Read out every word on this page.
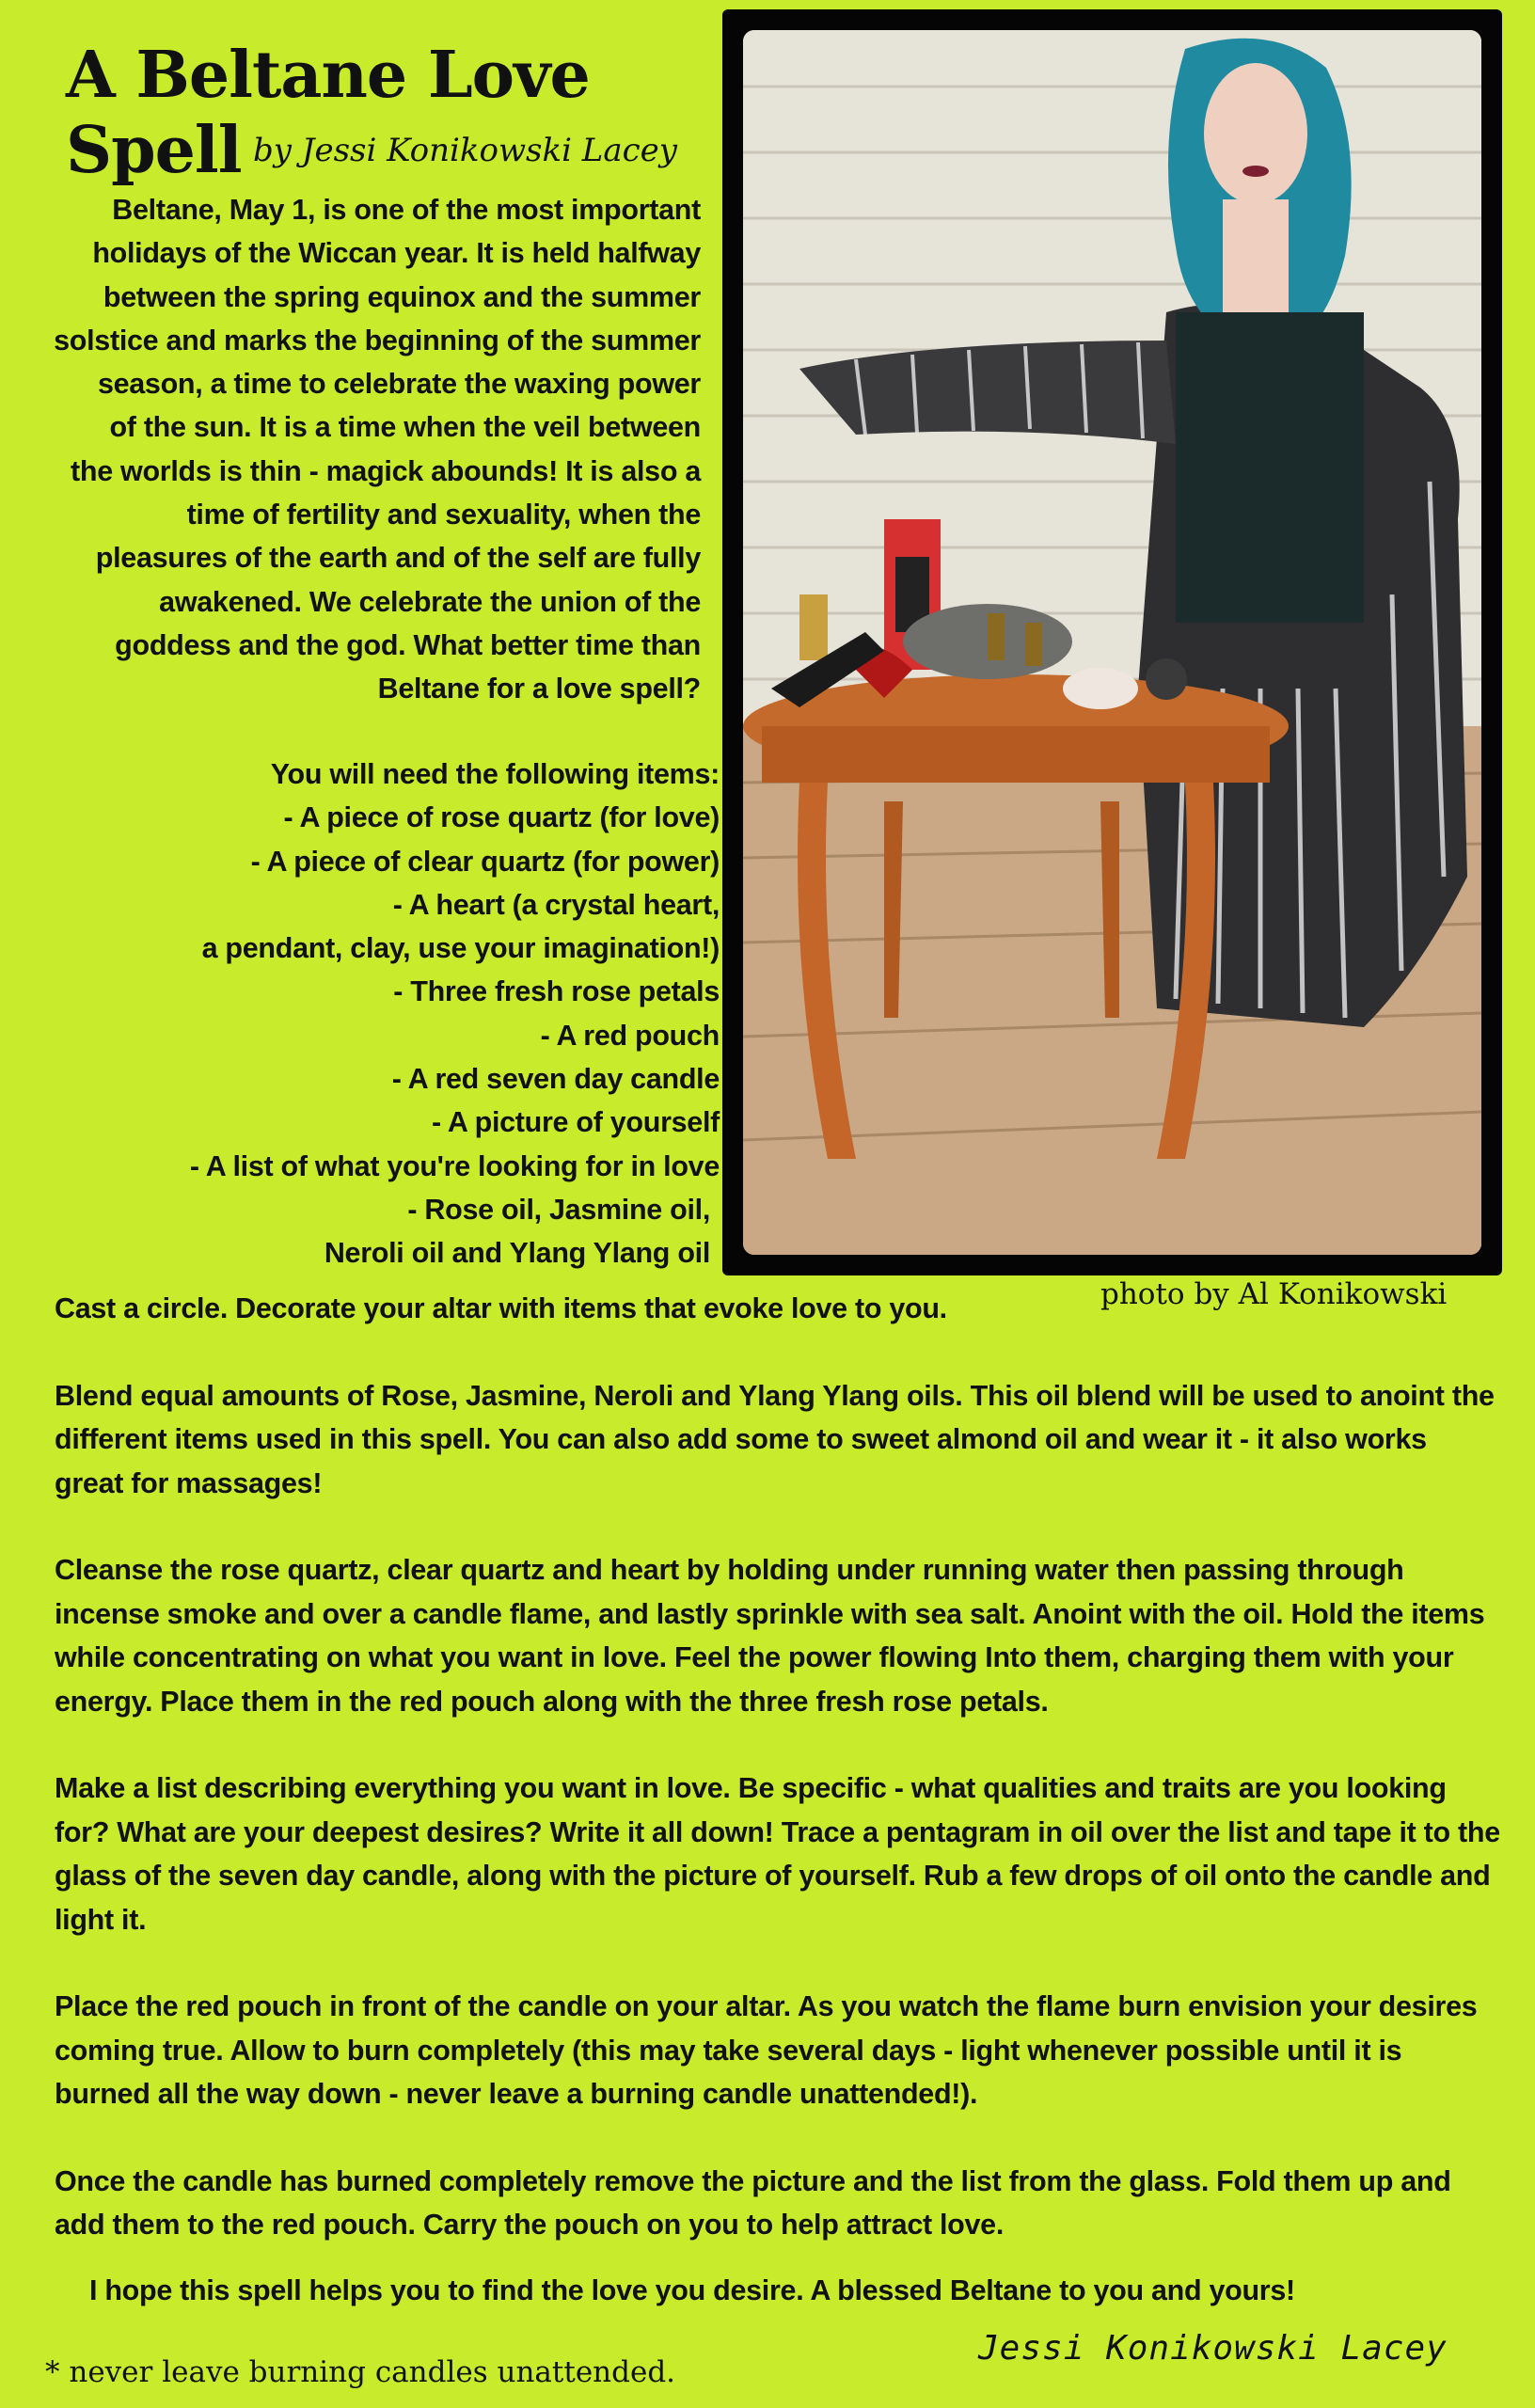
A Beltane Love Spell by Jessi Konikowski Lacey

Beltane, May 1, is one of the most important

holidays of the Wiccan year. It is held halfway

between the spring equinox and the summer

solstice and marks the beginning of the summer

season, a time to celebrate the waxing power

of the sun. It is a time when the veil between

the worlds is thin - magick abounds! It is also a

time of fertility and sexuality, when the

pleasures of the earth and of the self are fully

awakened. We celebrate the union of the

goddess and the god. What better time than

Beltane for a love spell?

You will need the following items:

- A piece of rose quartz (for love)

- A piece of clear quartz (for power)

- A heart (a crystal heart,

a pendant, clay, use your imagination!)

- Three fresh rose petals

- A red pouch

- A red seven day candle

- A picture of yourself

- A list of what you're looking for in love

- Rose oil, Jasmine oil,

Neroli oil and Ylang Ylang oil

photo by Al Konikowski

Cast a circle. Decorate your altar with items that evoke love to you.

Blend equal amounts of Rose, Jasmine, Neroli and Ylang Ylang oils. This oil blend will be used to anoint the different items used in this spell. You can also add some to sweet almond oil and wear it - it also works great for massages!

Cleanse the rose quartz, clear quartz and heart by holding under running water then passing through incense smoke and over a candle flame, and lastly sprinkle with sea salt. Anoint with the oil. Hold the items while concentrating on what you want in love. Feel the power flowing Into them, charging them with your energy. Place them in the red pouch along with the three fresh rose petals.

Make a list describing everything you want in love. Be specific - what qualities and traits are you looking for? What are your deepest desires? Write it all down! Trace a pentagram in oil over the list and tape it to the glass of the seven day candle, along with the picture of yourself. Rub a few drops of oil onto the candle and light it.

Place the red pouch in front of the candle on your altar. As you watch the flame burn envision your desires coming true. Allow to burn completely (this may take several days - light whenever possible until it is burned all the way down - never leave a burning candle unattended!).

Once the candle has burned completely remove the picture and the list from the glass. Fold them up and add them to the red pouch. Carry the pouch on you to help attract love.

I hope this spell helps you to find the love you desire. A blessed Beltane to you and yours!
* never leave burning candles unattended.
Jessi Konikowski Lacey
